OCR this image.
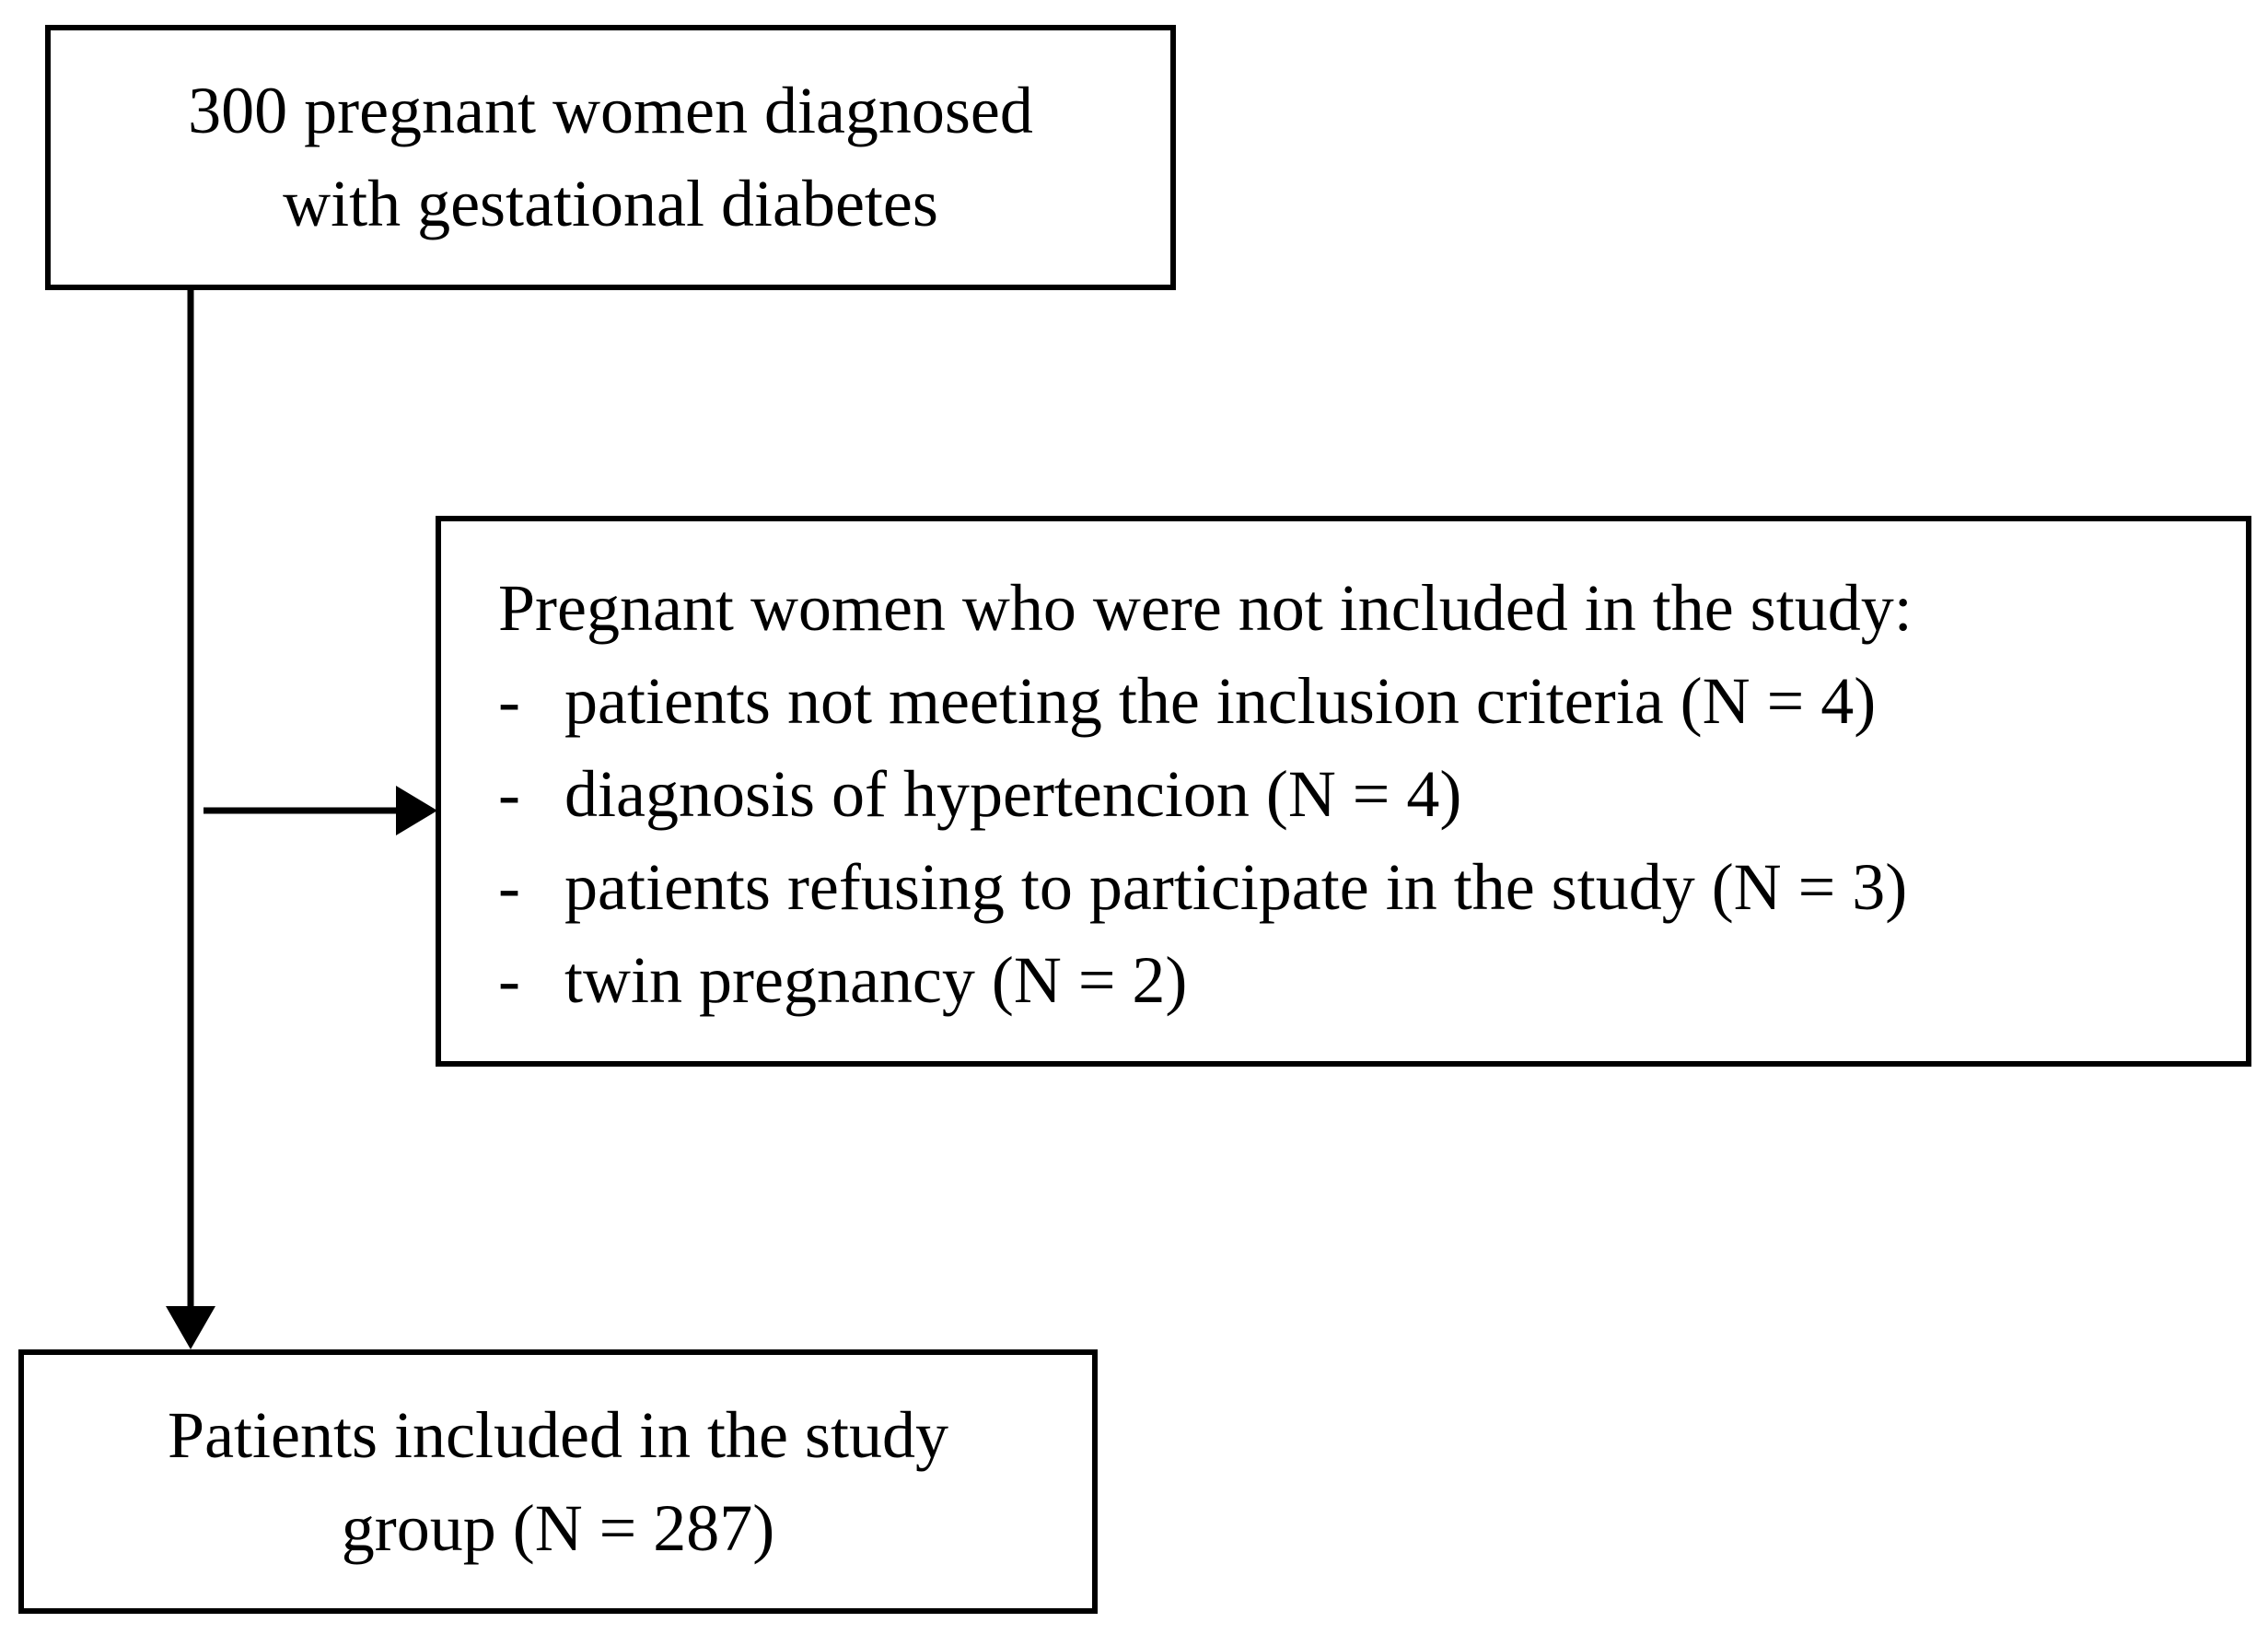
300 pregnant women diagnosed
with gestational diabetes
Pregnant women who were not included in the study:
- patients not meeting the inclusion criteria (N = 4)
- diagnosis of hypertencion (N = 4)
- patients refusing to participate in the study (N = 3)
- twin pregnancy (N = 2)
Patients included in the study
group (N = 287)
